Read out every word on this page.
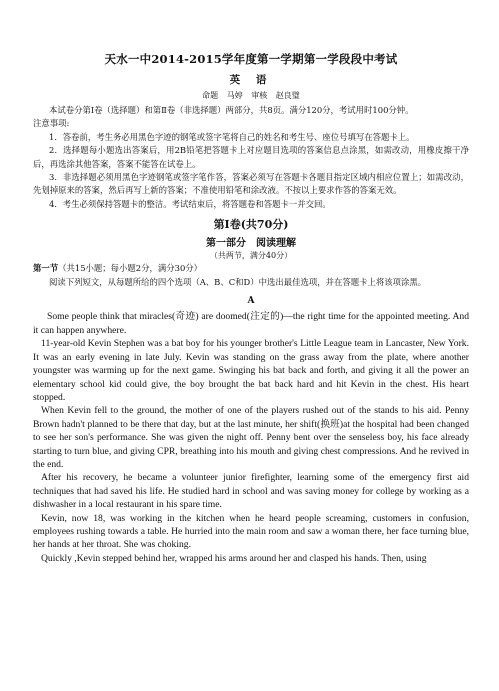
天水一中2014-2015学年度第一学期第一学段段中考试
英 语
命题 马婷 审核 赵良璧

本试卷分第Ⅰ卷（选择题）和第Ⅱ卷（非选择题）两部分，共8页。满分120分，考试用时100分钟。

注意事项:

1．答卷前，考生务必用黑色字迹的钢笔或签字笔将自己的姓名和考生号、座位号填写在答题卡上。

2．选择题每小题选出答案后，用2B铅笔把答题卡上对应题目选项的答案信息点涂黑，如需改动，用橡皮擦干净后，再选涂其他答案，答案不能答在试卷上。

3．非选择题必须用黑色字迹钢笔或签字笔作答，答案必须写在答题卡各题目指定区域内相应位置上；如需改动，先划掉原来的答案，然后再写上新的答案；不准使用铅笔和涂改液。不按以上要求作答的答案无效。

4．考生必须保持答题卡的整洁。考试结束后，将答题卷和答题卡一并交回。

第Ⅰ卷(共70分)
第一部分　阅读理解
（共两节，满分40分）

第一节（共15小题；每小题2分，满分30分）

阅读下列短文，从每题所给的四个选项（A、B、C和D）中选出最佳选项，并在答题卡上将该项涂黑。

A

Some people think that miracles(奇迹) are doomed(注定的)—the right time for the appointed meeting. And it can happen anywhere.

11-year-old Kevin Stephen was a bat boy for his younger brother's Little League team in Lancaster, New York. It was an early evening in late July. Kevin was standing on the grass away from the plate, where another youngster was warming up for the next game. Swinging his bat back and forth, and giving it all the power an elementary school kid could give, the boy brought the bat back hard and hit Kevin in the chest. His heart stopped.

When Kevin fell to the ground, the mother of one of the players rushed out of the stands to his aid. Penny Brown hadn't planned to be there that day, but at the last minute, her shift(换班)at the hospital had been changed to see her son's performance. She was given the night off. Penny bent over the senseless boy, his face already starting to turn blue, and giving CPR, breathing into his mouth and giving chest compressions. And he revived in the end.

After his recovery, he became a volunteer junior firefighter, learning some of the emergency first aid techniques that had saved his life. He studied hard in school and was saving money for college by working as a dishwasher in a local restaurant in his spare time.

Kevin, now 18, was working in the kitchen when he heard people screaming, customers in confusion, employees rushing towards a table. He hurried into the main room and saw a woman there, her face turning blue, her hands at her throat. She was choking.

Quickly ,Kevin stepped behind her, wrapped his arms around her and clasped his hands. Then, using
